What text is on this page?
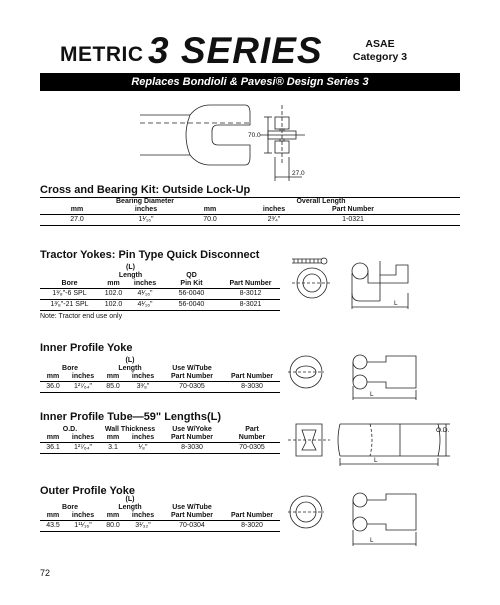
METRIC 3 SERIES	ASAE
Category 3
Replaces Bondioli & Pavesi® Design Series 3
70.0
27.0
Cross and Bearing Kit: Outside Lock-Up
	Bearing Diameter		Overall Length		
mm	inches	mm	inches	Part Number	
27.0	1¹⁄₁₆"	70.0	2³⁄₄"	1-0321	
Tractor Yokes: Pin Type Quick Disconnect
	(L)			
	Length		QD	
Bore	mm	inches	Pin Kit	Part Number
1³⁄₈"-6 SPL	102.0	4¹⁄₁₆"	56-0040	8-3012
1³⁄₈"-21 SPL	102.0	4¹⁄₁₆"	56-0040	8-3021
Note: Tractor end use only
L
Inner Profile Yoke
		(L)			
Bore		Length		Use W/Tube	
mm	inches	mm	inches	Part Number	Part Number
36.0	1²⁷⁄₆₄"	85.0	3³⁄₈"	70-0305	8-3030
L
Inner Profile Tube—59" Lengths(L)
O.D.		Wall Thickness		Use W/Yoke	Part
mm	inches	mm	inches	Part Number	Number
36.1	1²⁷⁄₆₄"	3.1	¹⁄₈"	8-3030	70-0305
O.D.
L
Outer Profile Yoke
		(L)			
Bore		Length		Use W/Tube	
mm	inches	mm	inches	Part Number	Part Number
43.5	1¹¹⁄₁₆"	80.0	3¹⁄₃₂"	70-0304	8-3020
L
72
